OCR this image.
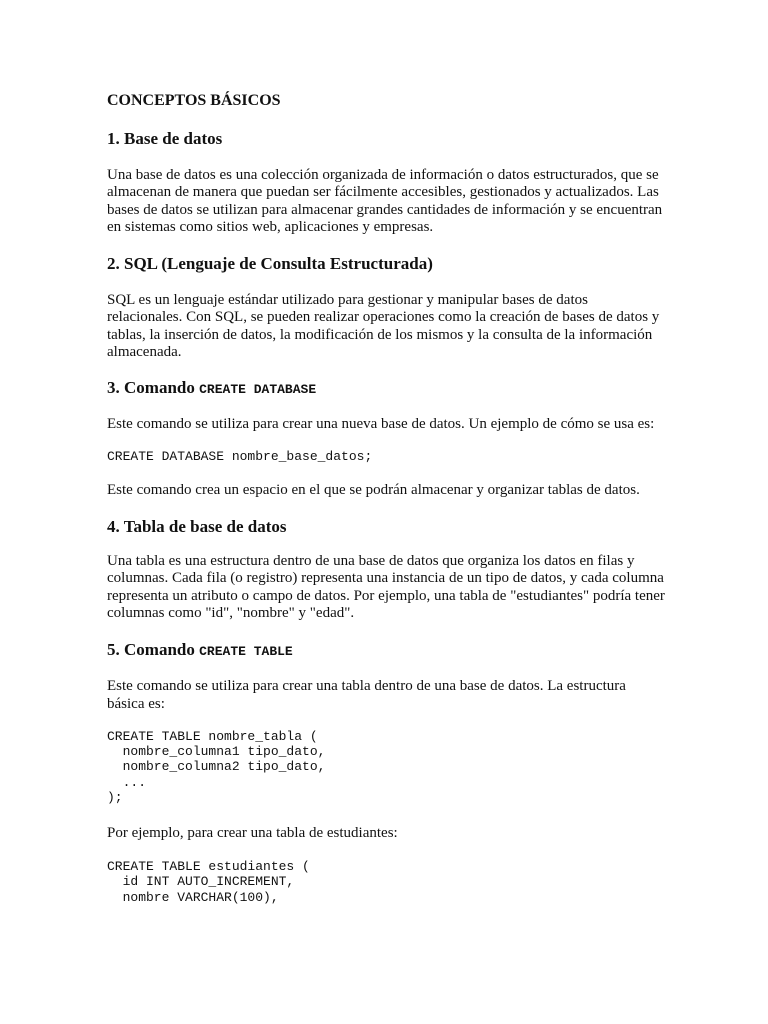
CONCEPTOS BÁSICOS
1. Base de datos
Una base de datos es una colección organizada de información o datos estructurados, que se almacenan de manera que puedan ser fácilmente accesibles, gestionados y actualizados. Las bases de datos se utilizan para almacenar grandes cantidades de información y se encuentran en sistemas como sitios web, aplicaciones y empresas.
2. SQL (Lenguaje de Consulta Estructurada)
SQL es un lenguaje estándar utilizado para gestionar y manipular bases de datos relacionales. Con SQL, se pueden realizar operaciones como la creación de bases de datos y tablas, la inserción de datos, la modificación de los mismos y la consulta de la información almacenada.
3. Comando CREATE DATABASE
Este comando se utiliza para crear una nueva base de datos. Un ejemplo de cómo se usa es:
CREATE DATABASE nombre_base_datos;
Este comando crea un espacio en el que se podrán almacenar y organizar tablas de datos.
4. Tabla de base de datos
Una tabla es una estructura dentro de una base de datos que organiza los datos en filas y columnas. Cada fila (o registro) representa una instancia de un tipo de datos, y cada columna representa un atributo o campo de datos. Por ejemplo, una tabla de "estudiantes" podría tener columnas como "id", "nombre" y "edad".
5. Comando CREATE TABLE
Este comando se utiliza para crear una tabla dentro de una base de datos. La estructura básica es:
CREATE TABLE nombre_tabla (
nombre_columna1 tipo_dato,
nombre_columna2 tipo_dato,
...
);
Por ejemplo, para crear una tabla de estudiantes:
CREATE TABLE estudiantes (
id INT AUTO_INCREMENT,
nombre VARCHAR(100),
